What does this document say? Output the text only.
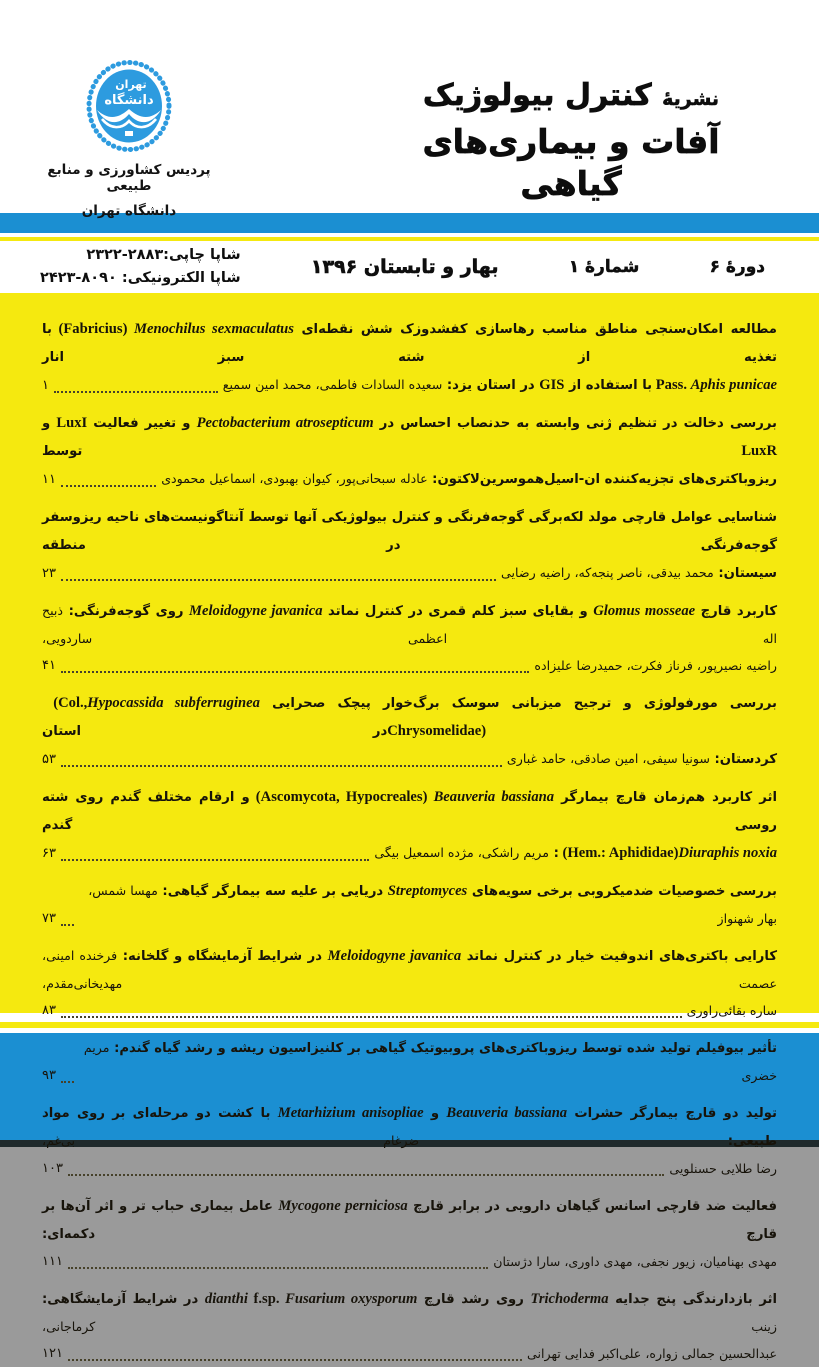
تهران
دانشگاه
پردیس کشاورزی و منابع طبیعی
دانشگاه تهران
نشریۀ کنترل بیولوژیک
آفات و بیماری‌های گیاهی
دورۀ ۶
شمارۀ ۱
بهار و تابستان ۱۳۹۶
شاپا چاپی:۲۳۲۲-۲۸۸۳
شاپا الکترونیکی: ۲۴۲۳-۸۰۹۰
مطالعه امکان‌سنجی مناطق مناسب رهاسازی کفشدوزک شش نقطه‌ای Menochilus sexmaculatus (Fabricius) با تغذیه از شته سبز انار
Aphis punicae Pass. با استفاده از GIS در استان یزد: سعیده السادات فاطمی، محمد امین سمیع
۱
بررسی دخالت در تنظیم ژنی وابسته به حدنصاب احساس در Pectobacterium atrosepticum و تغییر فعالیت LuxI و LuxR توسط
ریزوباکتری‌های تجزیه‌کننده ان-اسیل‌هموسرین‌لاکتون: عادله سبحانی‌پور، کیوان بهبودی، اسماعیل محمودی
۱۱
شناسایی عوامل قارچی مولد لکه‌برگی گوجه‌فرنگی و کنترل بیولوژیکی آنها توسط آنتاگونیست‌های ناحیه ریزوسفر گوجه‌فرنگی در منطقه
سیستان: محمد بیدقی، ناصر پنجه‌که، راضیه رضایی
۲۳
کاربرد قارچ Glomus mosseae و بقایای سبز کلم قمری در کنترل نماتد Meloidogyne javanica روی گوجه‌فرنگی: ذبیح اله اعظمی ساردویی،
راضیه نصیرپور، فرناز فکرت، حمیدرضا علیزاده
۴۱
بررسی مورفولوژی و ترجیح میزبانی سوسک برگ‌خوار پیچک صحرایی Hypocassida subferruginea (Col., Chrysomelidae) در استان
کردستان: سونیا سیفی، امین صادقی، حامد غباری
۵۳
اثر کاربرد هم‌زمان قارچ بیمارگر Beauveria bassiana (Ascomycota, Hypocreales) و ارقام مختلف گندم روی شته روسی گندم
Diuraphis noxia (Hem.: Aphididae): مریم راشکی، مژده اسمعیل بیگی
۶۳
بررسی خصوصیات ضدمیکروبی برخی سویه‌های Streptomyces دریایی بر علیه سه بیمارگر گیاهی: مهسا شمس، بهار شهنواز
۷۳
کارایی باکتری‌های اندوفیت خیار در کنترل نماتد Meloidogyne javanica در شرایط آزمایشگاه و گلخانه: فرخنده امینی، عصمت مهدیخانی‌مقدم،
ساره بقائی‌راوری
۸۳
تأثیر بیوفیلم تولید شده توسط ریزوباکتری‌های پروبیوتیک گیاهی بر کلنیزاسیون ریشه و رشد گیاه گندم: مریم خضری
۹۳
تولید دو قارچ بیمارگر حشرات Beauveria bassiana و Metarhizium anisopliae با کشت دو مرحله‌ای بر روی مواد طبیعی: ضرغام بی‌غم،
رضا طلایی حسنلویی
۱۰۳
فعالیت ضد قارچی اسانس گیاهان دارویی در برابر قارچ Mycogone perniciosa عامل بیماری حباب تر و اثر آن‌ها بر قارچ دکمه‌ای:
مهدی بهنامیان، زیور نجفی، مهدی داوری، سارا دژستان
۱۱۱
اثر بازدارندگی پنج جدایه Trichoderma روی رشد قارچ Fusarium oxysporum f.sp. dianthi در شرایط آزمایشگاهی: زینب کرماجانی،
عبدالحسین جمالی زواره، علی‌اکبر فدایی تهرانی
۱۲۱
